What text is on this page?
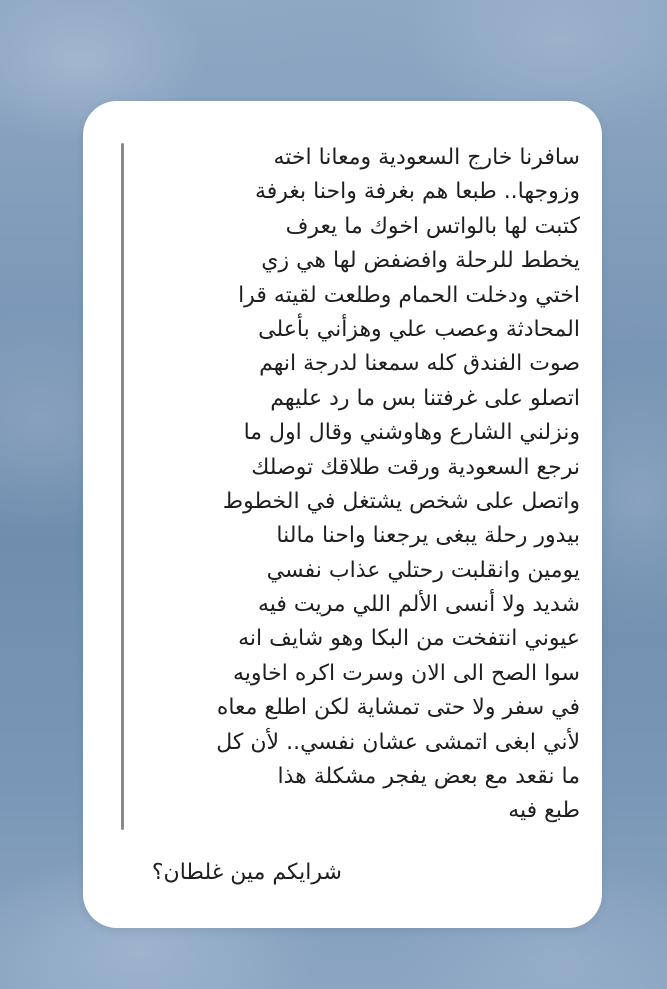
سافرنا خارج السعودية ومعانا اخته
وزوجها.. طبعا هم بغرفة واحنا بغرفة
كتبت لها بالواتس اخوك ما يعرف
يخطط للرحلة وافضفض لها هي زي
اختي ودخلت الحمام وطلعت لقيته قرا
المحادثة وعصب علي وهزأني بأعلى
صوت الفندق كله سمعنا لدرجة انهم
اتصلو على غرفتنا بس ما رد عليهم
ونزلني الشارع وهاوشني وقال اول ما
نرجع السعودية ورقت طلاقك توصلك
واتصل على شخص يشتغل في الخطوط
بيدور رحلة يبغى يرجعنا واحنا مالنا
يومين وانقلبت رحتلي عذاب نفسي
شديد ولا أنسى الألم اللي مريت فيه
عيوني انتفخت من البكا وهو شايف انه
سوا الصح الى الان وسرت اكره اخاويه
في سفر ولا حتى تمشاية لكن اطلع معاه
لأني ابغى اتمشى عشان نفسي.. لأن كل
ما نقعد مع بعض يفجر مشكلة هذا
طبع فيه
شرايكم مين غلطان؟
